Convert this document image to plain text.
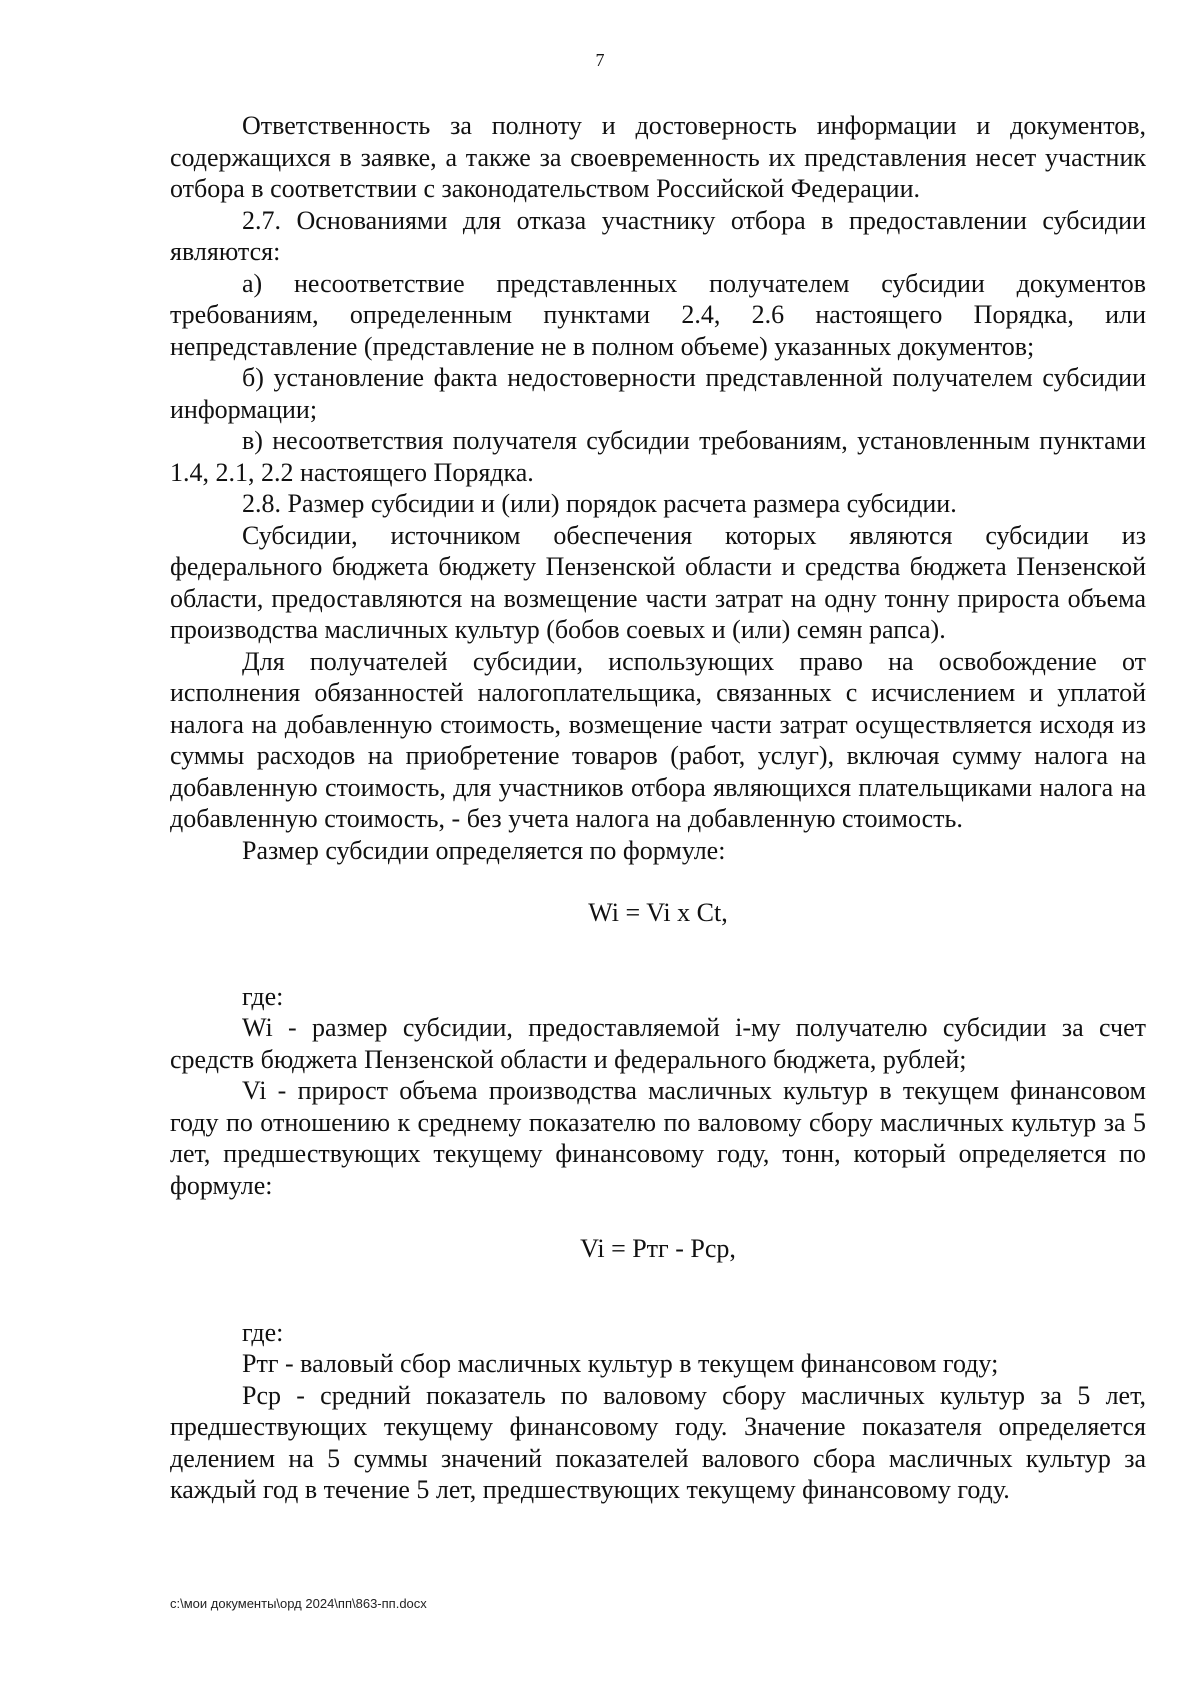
7

Ответственность за полноту и достоверность информации и документов, содержащихся в заявке, а также за своевременность их представления несет участник отбора в соответствии с законодательством Российской Федерации.

2.7. Основаниями для отказа участнику отбора в предоставлении субсидии являются:

а) несоответствие представленных получателем субсидии документов требованиям, определенным пунктами 2.4, 2.6 настоящего Порядка, или непредставление (представление не в полном объеме) указанных документов;

б) установление факта недостоверности представленной получателем субсидии информации;

в) несоответствия получателя субсидии требованиям, установленным пунктами 1.4, 2.1, 2.2 настоящего Порядка.

2.8. Размер субсидии и (или) порядок расчета размера субсидии.

Субсидии, источником обеспечения которых являются субсидии из федерального бюджета бюджету Пензенской области и средства бюджета Пензенской области, предоставляются на возмещение части затрат на одну тонну прироста объема производства масличных культур (бобов соевых и (или) семян рапса).

Для получателей субсидии, использующих право на освобождение от исполнения обязанностей налогоплательщика, связанных с исчислением и уплатой налога на добавленную стоимость, возмещение части затрат осуществляется исходя из суммы расходов на приобретение товаров (работ, услуг), включая сумму налога на добавленную стоимость, для участников отбора являющихся плательщиками налога на добавленную стоимость, - без учета налога на добавленную стоимость.

Размер субсидии определяется по формуле:

Wi = Vi x Ct,

где:

Wi - размер субсидии, предоставляемой i-му получателю субсидии за счет средств бюджета Пензенской области и федерального бюджета, рублей;

Vi - прирост объема производства масличных культур в текущем финансовом году по отношению к среднему показателю по валовому сбору масличных культур за 5 лет, предшествующих текущему финансовому году, тонн, который определяется по формуле:

Vi = Pтг - Pср,

где:

Pтг - валовый сбор масличных культур в текущем финансовом году;

Pср - средний показатель по валовому сбору масличных культур за 5 лет, предшествующих текущему финансовому году. Значение показателя определяется делением на 5 суммы значений показателей валового сбора масличных культур за каждый год в течение 5 лет, предшествующих текущему финансовому году.

с:\мои документы\орд 2024\пп\863-пп.docx
